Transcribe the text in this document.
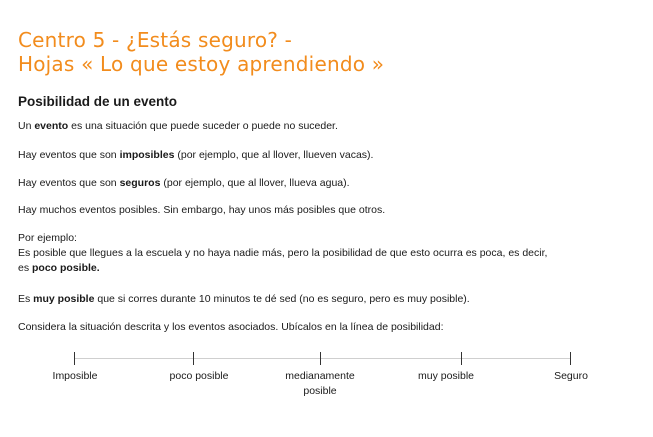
Centro 5 - ¿Estás seguro? -
Hojas « Lo que estoy aprendiendo »
Posibilidad de un evento
Un evento es una situación que puede suceder o puede no suceder.
Hay eventos que son imposibles (por ejemplo, que al llover, llueven vacas).
Hay eventos que son seguros (por ejemplo, que al llover, llueva agua).
Hay muchos eventos posibles. Sin embargo, hay unos más posibles que otros.
Por ejemplo:
Es posible que llegues a la escuela y no haya nadie más, pero la posibilidad de que esto ocurra es poca, es decir,
es poco posible.
Es muy posible que si corres durante 10 minutos te dé sed (no es seguro, pero es muy posible).
Considera la situación descrita y los eventos asociados. Ubícalos en la línea de posibilidad:
Imposible	poco posible	medianamente
posible
muy posible	Seguro
